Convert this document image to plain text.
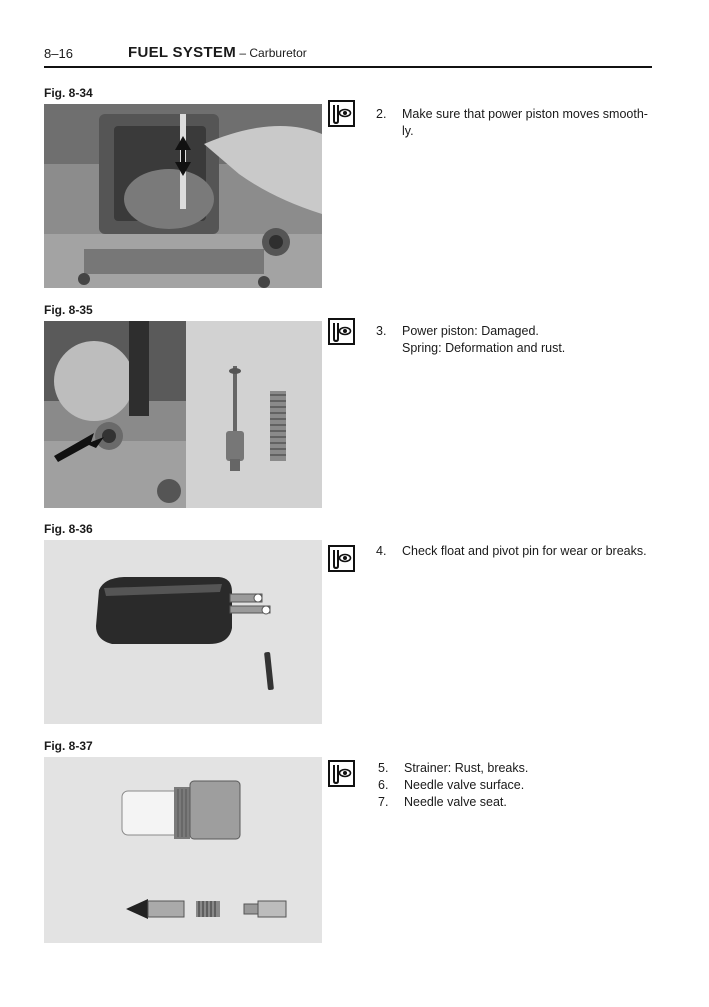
8–16	FUEL SYSTEM – Carburetor
Fig. 8-34
2. Make sure that power piston moves smooth-
ly.
Fig. 8-35
3. Power piston: Damaged.
Spring: Deformation and rust.
Fig. 8-36
4. Check float and pivot pin for wear or breaks.
Fig. 8-37
5. Strainer: Rust, breaks.
6. Needle valve surface.
7. Needle valve seat.
